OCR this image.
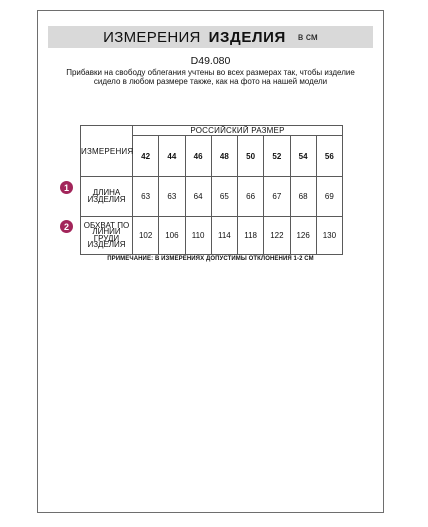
ИЗМЕРЕНИЯ ИЗДЕЛИЯ в см
D49.080
Прибавки на свободу облегания учтены во всех размерах так, чтобы изделие сидело в любом размере также, как на фото на нашей модели
ИЗМЕРЕНИЯ	РОССИЙСКИЙ РАЗМЕР							
	42	44	46	48	50	52	54	56
ДЛИНА ИЗДЕЛИЯ	63	63	64	65	66	67	68	69
ОБХВАТ ПО ЛИНИИ ГРУДИ ИЗДЕЛИЯ	102	106	110	114	118	122	126	130
1
2
ПРИМЕЧАНИЕ: В ИЗМЕРЕНИЯХ ДОПУСТИМЫ ОТКЛОНЕНИЯ 1-2 СМ
